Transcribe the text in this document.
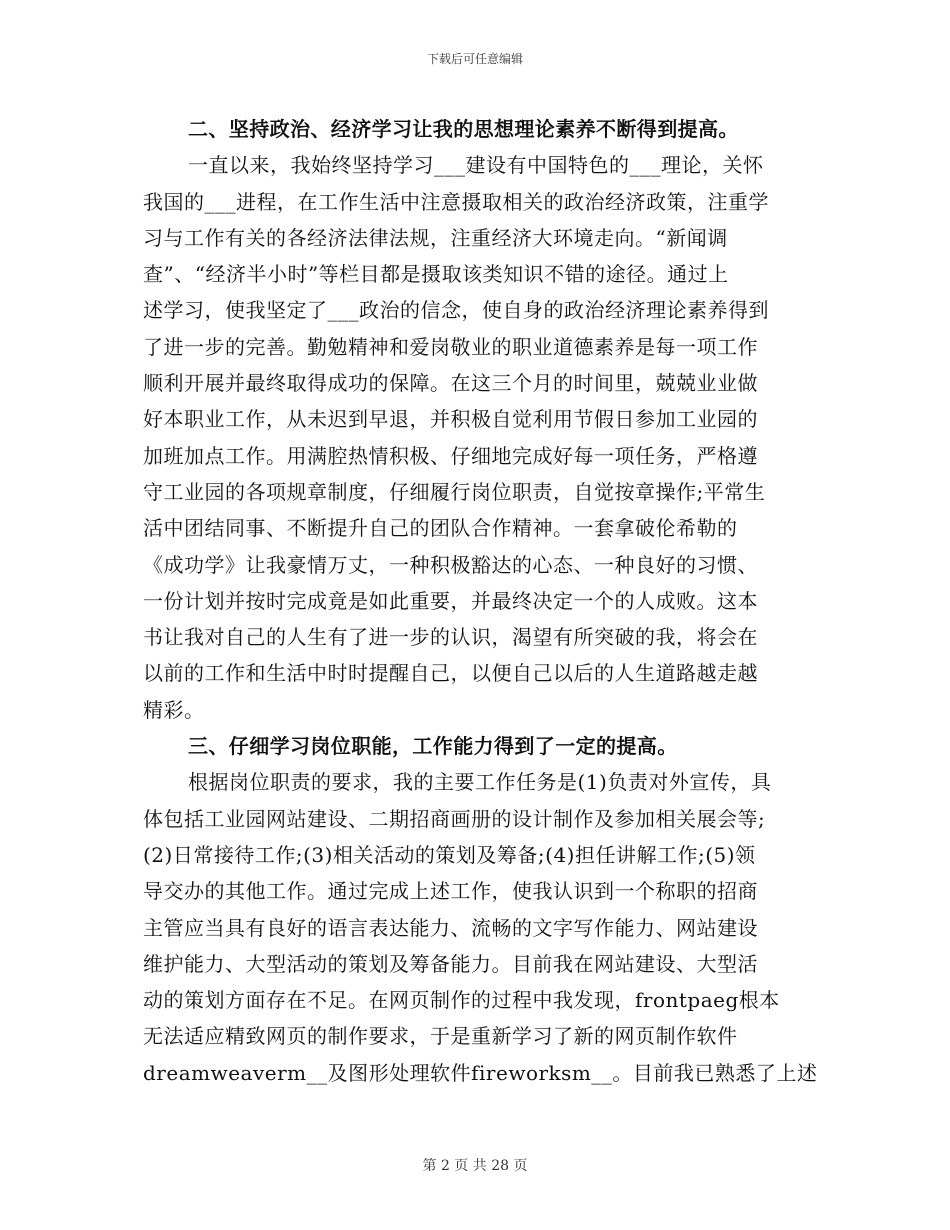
下载后可任意编辑
二、坚持政治、经济学习让我的思想理论素养不断得到提高。
一直以来，我始终坚持学习___建设有中国特色的___理论，关怀
我国的___进程，在工作生活中注意摄取相关的政治经济政策，注重学
习与工作有关的各经济法律法规，注重经济大环境走向。“新闻调
查”、“经济半小时”等栏目都是摄取该类知识不错的途径。通过上
述学习，使我坚定了___政治的信念，使自身的政治经济理论素养得到
了进一步的完善。勤勉精神和爱岗敬业的职业道德素养是每一项工作
顺利开展并最终取得成功的保障。在这三个月的时间里，兢兢业业做
好本职业工作，从未迟到早退，并积极自觉利用节假日参加工业园的
加班加点工作。用满腔热情积极、仔细地完成好每一项任务，严格遵
守工业园的各项规章制度，仔细履行岗位职责，自觉按章操作;平常生
活中团结同事、不断提升自己的团队合作精神。一套拿破伦希勒的
《成功学》让我豪情万丈，一种积极豁达的心态、一种良好的习惯、
一份计划并按时完成竟是如此重要，并最终决定一个的人成败。这本
书让我对自己的人生有了进一步的认识，渴望有所突破的我，将会在
以前的工作和生活中时时提醒自己，以便自己以后的人生道路越走越
精彩。
三、仔细学习岗位职能，工作能力得到了一定的提高。
根据岗位职责的要求，我的主要工作任务是(1)负责对外宣传，具
体包括工业园网站建设、二期招商画册的设计制作及参加相关展会等;
(2)日常接待工作;(3)相关活动的策划及筹备;(4)担任讲解工作;(5)领
导交办的其他工作。通过完成上述工作，使我认识到一个称职的招商
主管应当具有良好的语言表达能力、流畅的文字写作能力、网站建设
维护能力、大型活动的策划及筹备能力。目前我在网站建设、大型活
动的策划方面存在不足。在网页制作的过程中我发现，frontpaeg根本
无法适应精致网页的制作要求，于是重新学习了新的网页制作软件
dreamweaverm__及图形处理软件fireworksm__。目前我已熟悉了上述
第 2 页 共 28 页
